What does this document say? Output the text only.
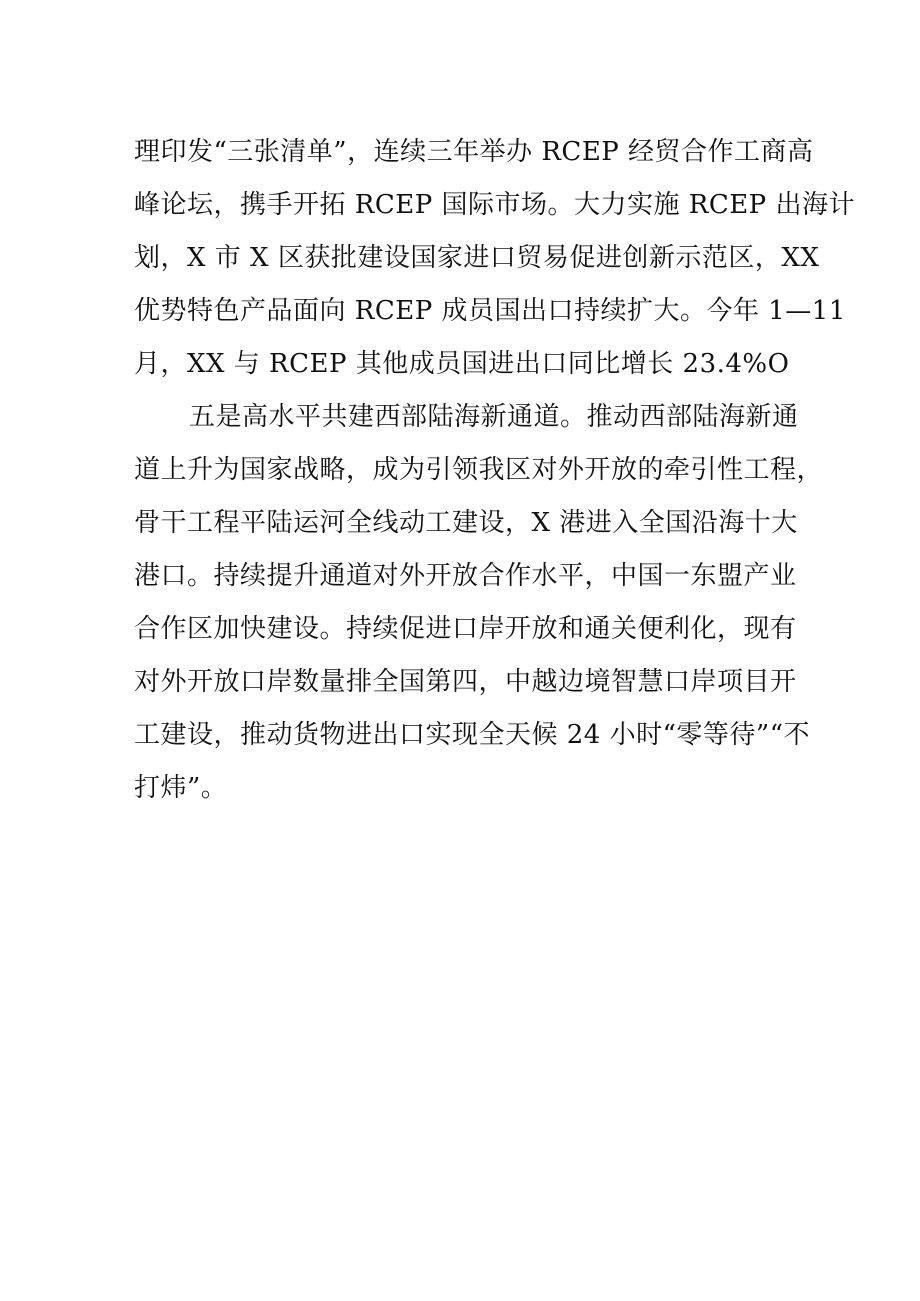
理印发“三张清单”，连续三年举办 RCEP 经贸合作工商高
峰论坛，携手开拓 RCEP 国际市场。大力实施 RCEP 出海计
划，X 市 X 区获批建设国家进口贸易促进创新示范区，XX
优势特色产品面向 RCEP 成员国出口持续扩大。今年 1—11
月，XX 与 RCEP 其他成员国进出口同比增长 23.4%O
五是高水平共建西部陆海新通道。推动西部陆海新通
道上升为国家战略，成为引领我区对外开放的牵引性工程，
骨干工程平陆运河全线动工建设，X 港进入全国沿海十大
港口。持续提升通道对外开放合作水平，中国一东盟产业
合作区加快建设。持续促进口岸开放和通关便利化，现有
对外开放口岸数量排全国第四，中越边境智慧口岸项目开
工建设，推动货物进出口实现全天候 24 小时“零等待”“不
打炜”。
